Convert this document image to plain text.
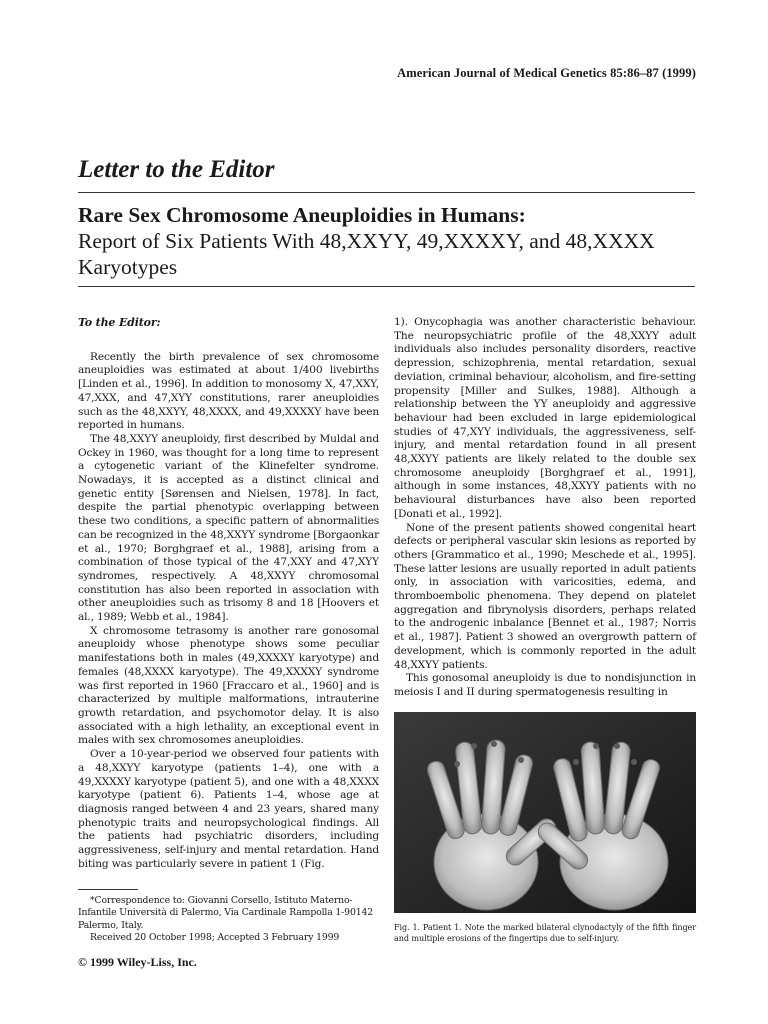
American Journal of Medical Genetics 85:86–87 (1999)
Letter to the Editor
Rare Sex Chromosome Aneuploidies in Humans:
Report of Six Patients With 48,XXYY, 49,XXXXY, and 48,XXXX Karyotypes

To the Editor:

Recently the birth prevalence of sex chromosome aneuploidies was estimated at about 1/400 livebirths [Linden et al., 1996]. In addition to monosomy X, 47,XXY, 47,XXX, and 47,XYY constitutions, rarer aneuploidies such as the 48,XXYY, 48,XXXX, and 49,XXXXY have been reported in humans.

The 48,XXYY aneuploidy, first described by Muldal and Ockey in 1960, was thought for a long time to represent a cytogenetic variant of the Klinefelter syndrome. Nowadays, it is accepted as a distinct clinical and genetic entity [Sørensen and Nielsen, 1978]. In fact, despite the partial phenotypic overlapping between these two conditions, a specific pattern of abnormalities can be recognized in the 48,XXYY syndrome [Borgaonkar et al., 1970; Borghgraef et al., 1988], arising from a combination of those typical of the 47,XXY and 47,XYY syndromes, respectively. A 48,XXYY chromosomal constitution has also been reported in association with other aneuploidies such as trisomy 8 and 18 [Hoovers et al., 1989; Webb et al., 1984].

X chromosome tetrasomy is another rare gonosomal aneuploidy whose phenotype shows some peculiar manifestations both in males (49,XXXXY karyotype) and females (48,XXXX karyotype). The 49,XXXXY syndrome was first reported in 1960 [Fraccaro et al., 1960] and is characterized by multiple malformations, intrauterine growth retardation, and psychomotor delay. It is also associated with a high lethality, an exceptional event in males with sex chromosomes aneuploidies.

Over a 10-year-period we observed four patients with a 48,XXYY karyotype (patients 1–4), one with a 49,XXXXY karyotype (patient 5), and one with a 48,XXXX karyotype (patient 6). Patients 1–4, whose age at diagnosis ranged between 4 and 23 years, shared many phenotypic traits and neuropsychological findings. All the patients had psychiatric disorders, including aggressiveness, self-injury and mental retardation. Hand biting was particularly severe in patient 1 (Fig.

1). Onycophagia was another characteristic behaviour. The neuropsychiatric profile of the 48,XXYY adult individuals also includes personality disorders, reactive depression, schizophrenia, mental retardation, sexual deviation, criminal behaviour, alcoholism, and fire-setting propensity [Miller and Sulkes, 1988]. Although a relationship between the YY aneuploidy and aggressive behaviour had been excluded in large epidemiological studies of 47,XYY individuals, the aggressiveness, self-injury, and mental retardation found in all present 48,XXYY patients are likely related to the double sex chromosome aneuploidy [Borghgraef et al., 1991], although in some instances, 48,XXYY patients with no behavioural disturbances have also been reported [Donati et al., 1992].

None of the present patients showed congenital heart defects or peripheral vascular skin lesions as reported by others [Grammatico et al., 1990; Meschede et al., 1995]. These latter lesions are usually reported in adult patients only, in association with varicosities, edema, and thromboembolic phenomena. They depend on platelet aggregation and fibrynolysis disorders, perhaps related to the androgenic inbalance [Bennet et al., 1987; Norris et al., 1987]. Patient 3 showed an overgrowth pattern of development, which is commonly reported in the adult 48,XXYY patients.

This gonosomal aneuploidy is due to nondisjunction in meiosis I and II during spermatogenesis resulting in

*Correspondence to: Giovanni Corsello, Istituto Materno-Infantile Università di Palermo, Via Cardinale Rampolla 1-90142 Palermo, Italy.

Received 20 October 1998; Accepted 3 February 1999

© 1999 Wiley-Liss, Inc.
Fig. 1. Patient 1. Note the marked bilateral clynodactyly of the fifth finger and multiple erosions of the fingertips due to self-injury.
